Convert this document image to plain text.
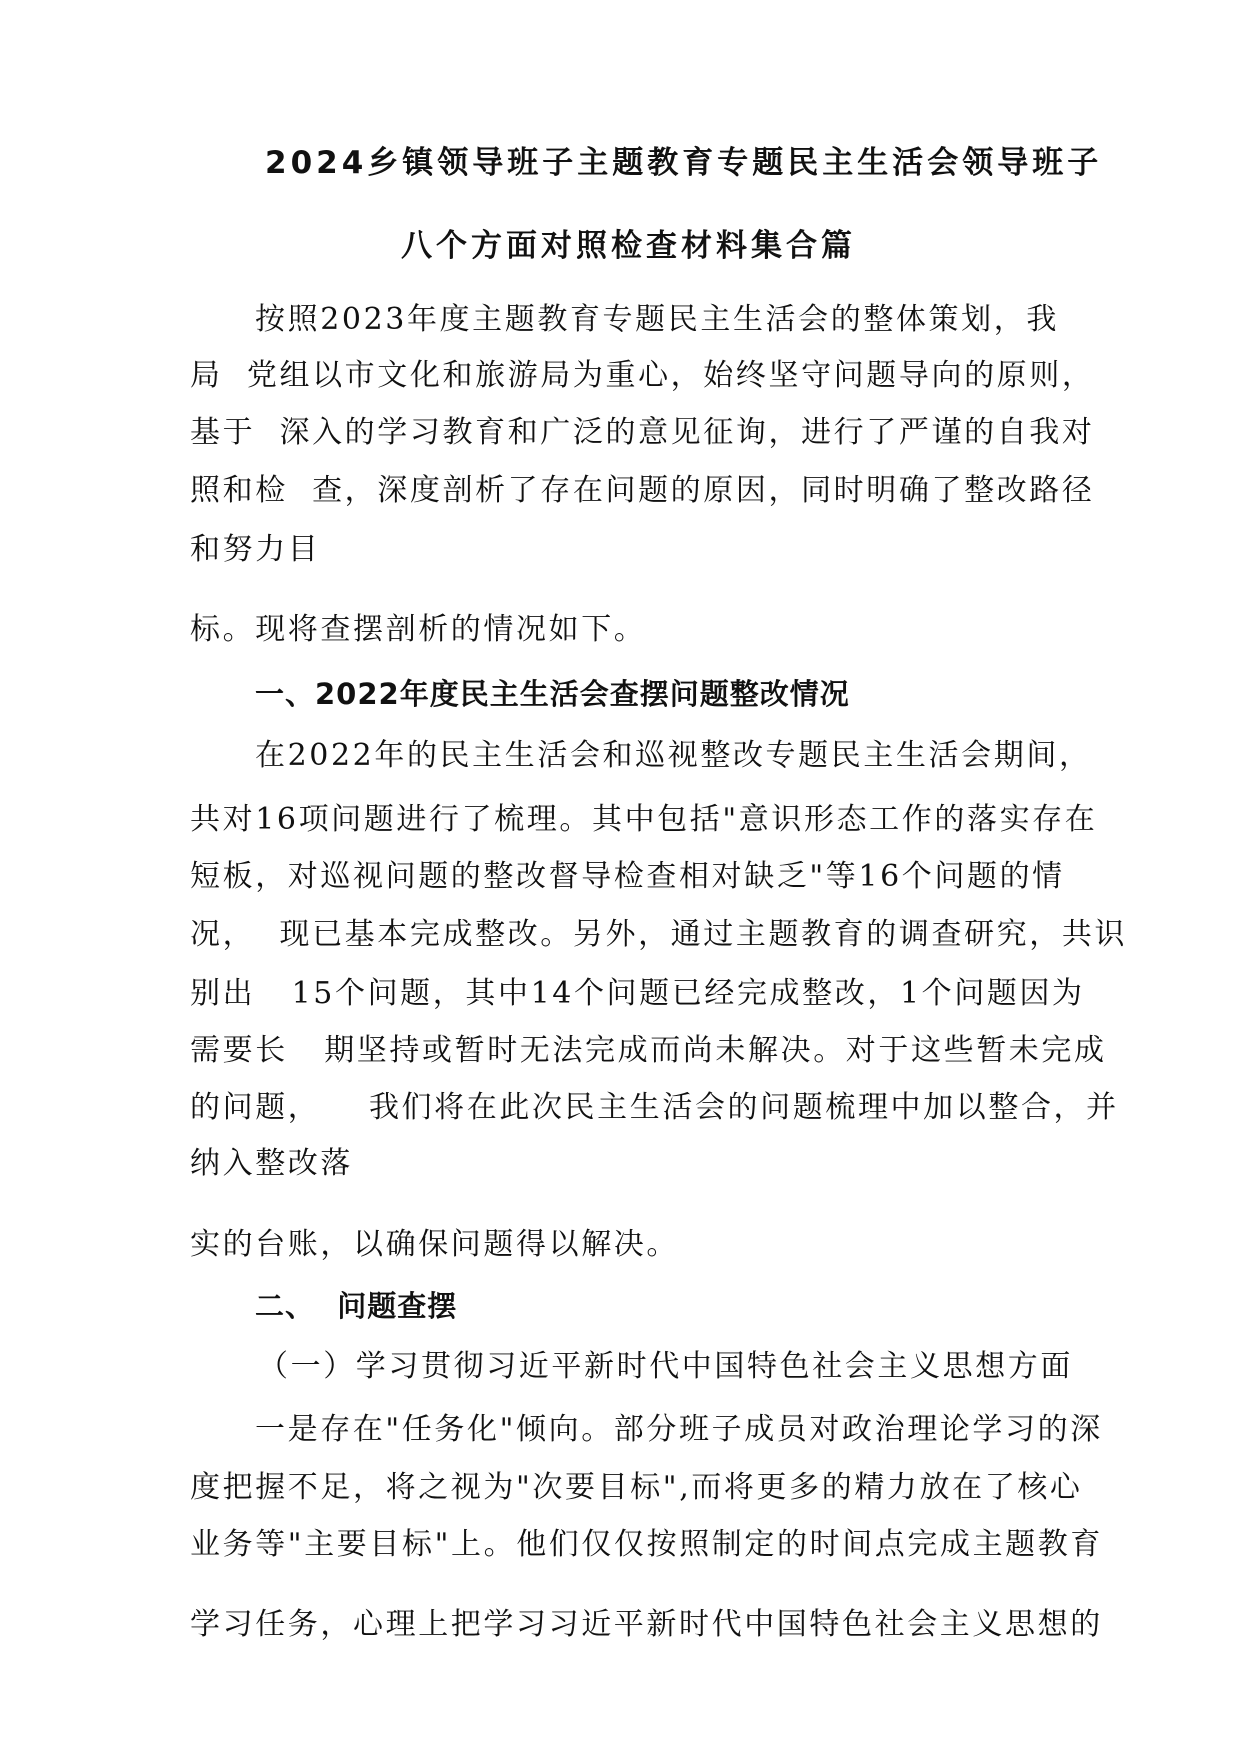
2024乡镇领导班子主题教育专题民主生活会领导班子
八个方面对照检查材料集合篇
按照2023年度主题教育专题民主生活会的整体策划，我
局  党组以市文化和旅游局为重心，始终坚守问题导向的原则，
基于  深入的学习教育和广泛的意见征询，进行了严谨的自我对
照和检  查，深度剖析了存在问题的原因，同时明确了整改路径
和努力目
标。现将查摆剖析的情况如下。
一、2022年度民主生活会查摆问题整改情况
在2022年的民主生活会和巡视整改专题民主生活会期间，
共对16项问题进行了梳理。其中包括"意识形态工作的落实存在
短板，对巡视问题的整改督导检查相对缺乏"等16个问题的情
况，  现已基本完成整改。另外，通过主题教育的调查研究，共识
别出   15个问题，其中14个问题已经完成整改，1个问题因为
需要长   期坚持或暂时无法完成而尚未解决。对于这些暂未完成
的问题，    我们将在此次民主生活会的问题梳理中加以整合，并
纳入整改落
实的台账，以确保问题得以解决。
二、  问题查摆
（一）学习贯彻习近平新时代中国特色社会主义思想方面
一是存在"任务化"倾向。部分班子成员对政治理论学习的深
度把握不足，将之视为"次要目标",而将更多的精力放在了核心
业务等"主要目标"上。他们仅仅按照制定的时间点完成主题教育
学习任务，心理上把学习习近平新时代中国特色社会主义思想的
